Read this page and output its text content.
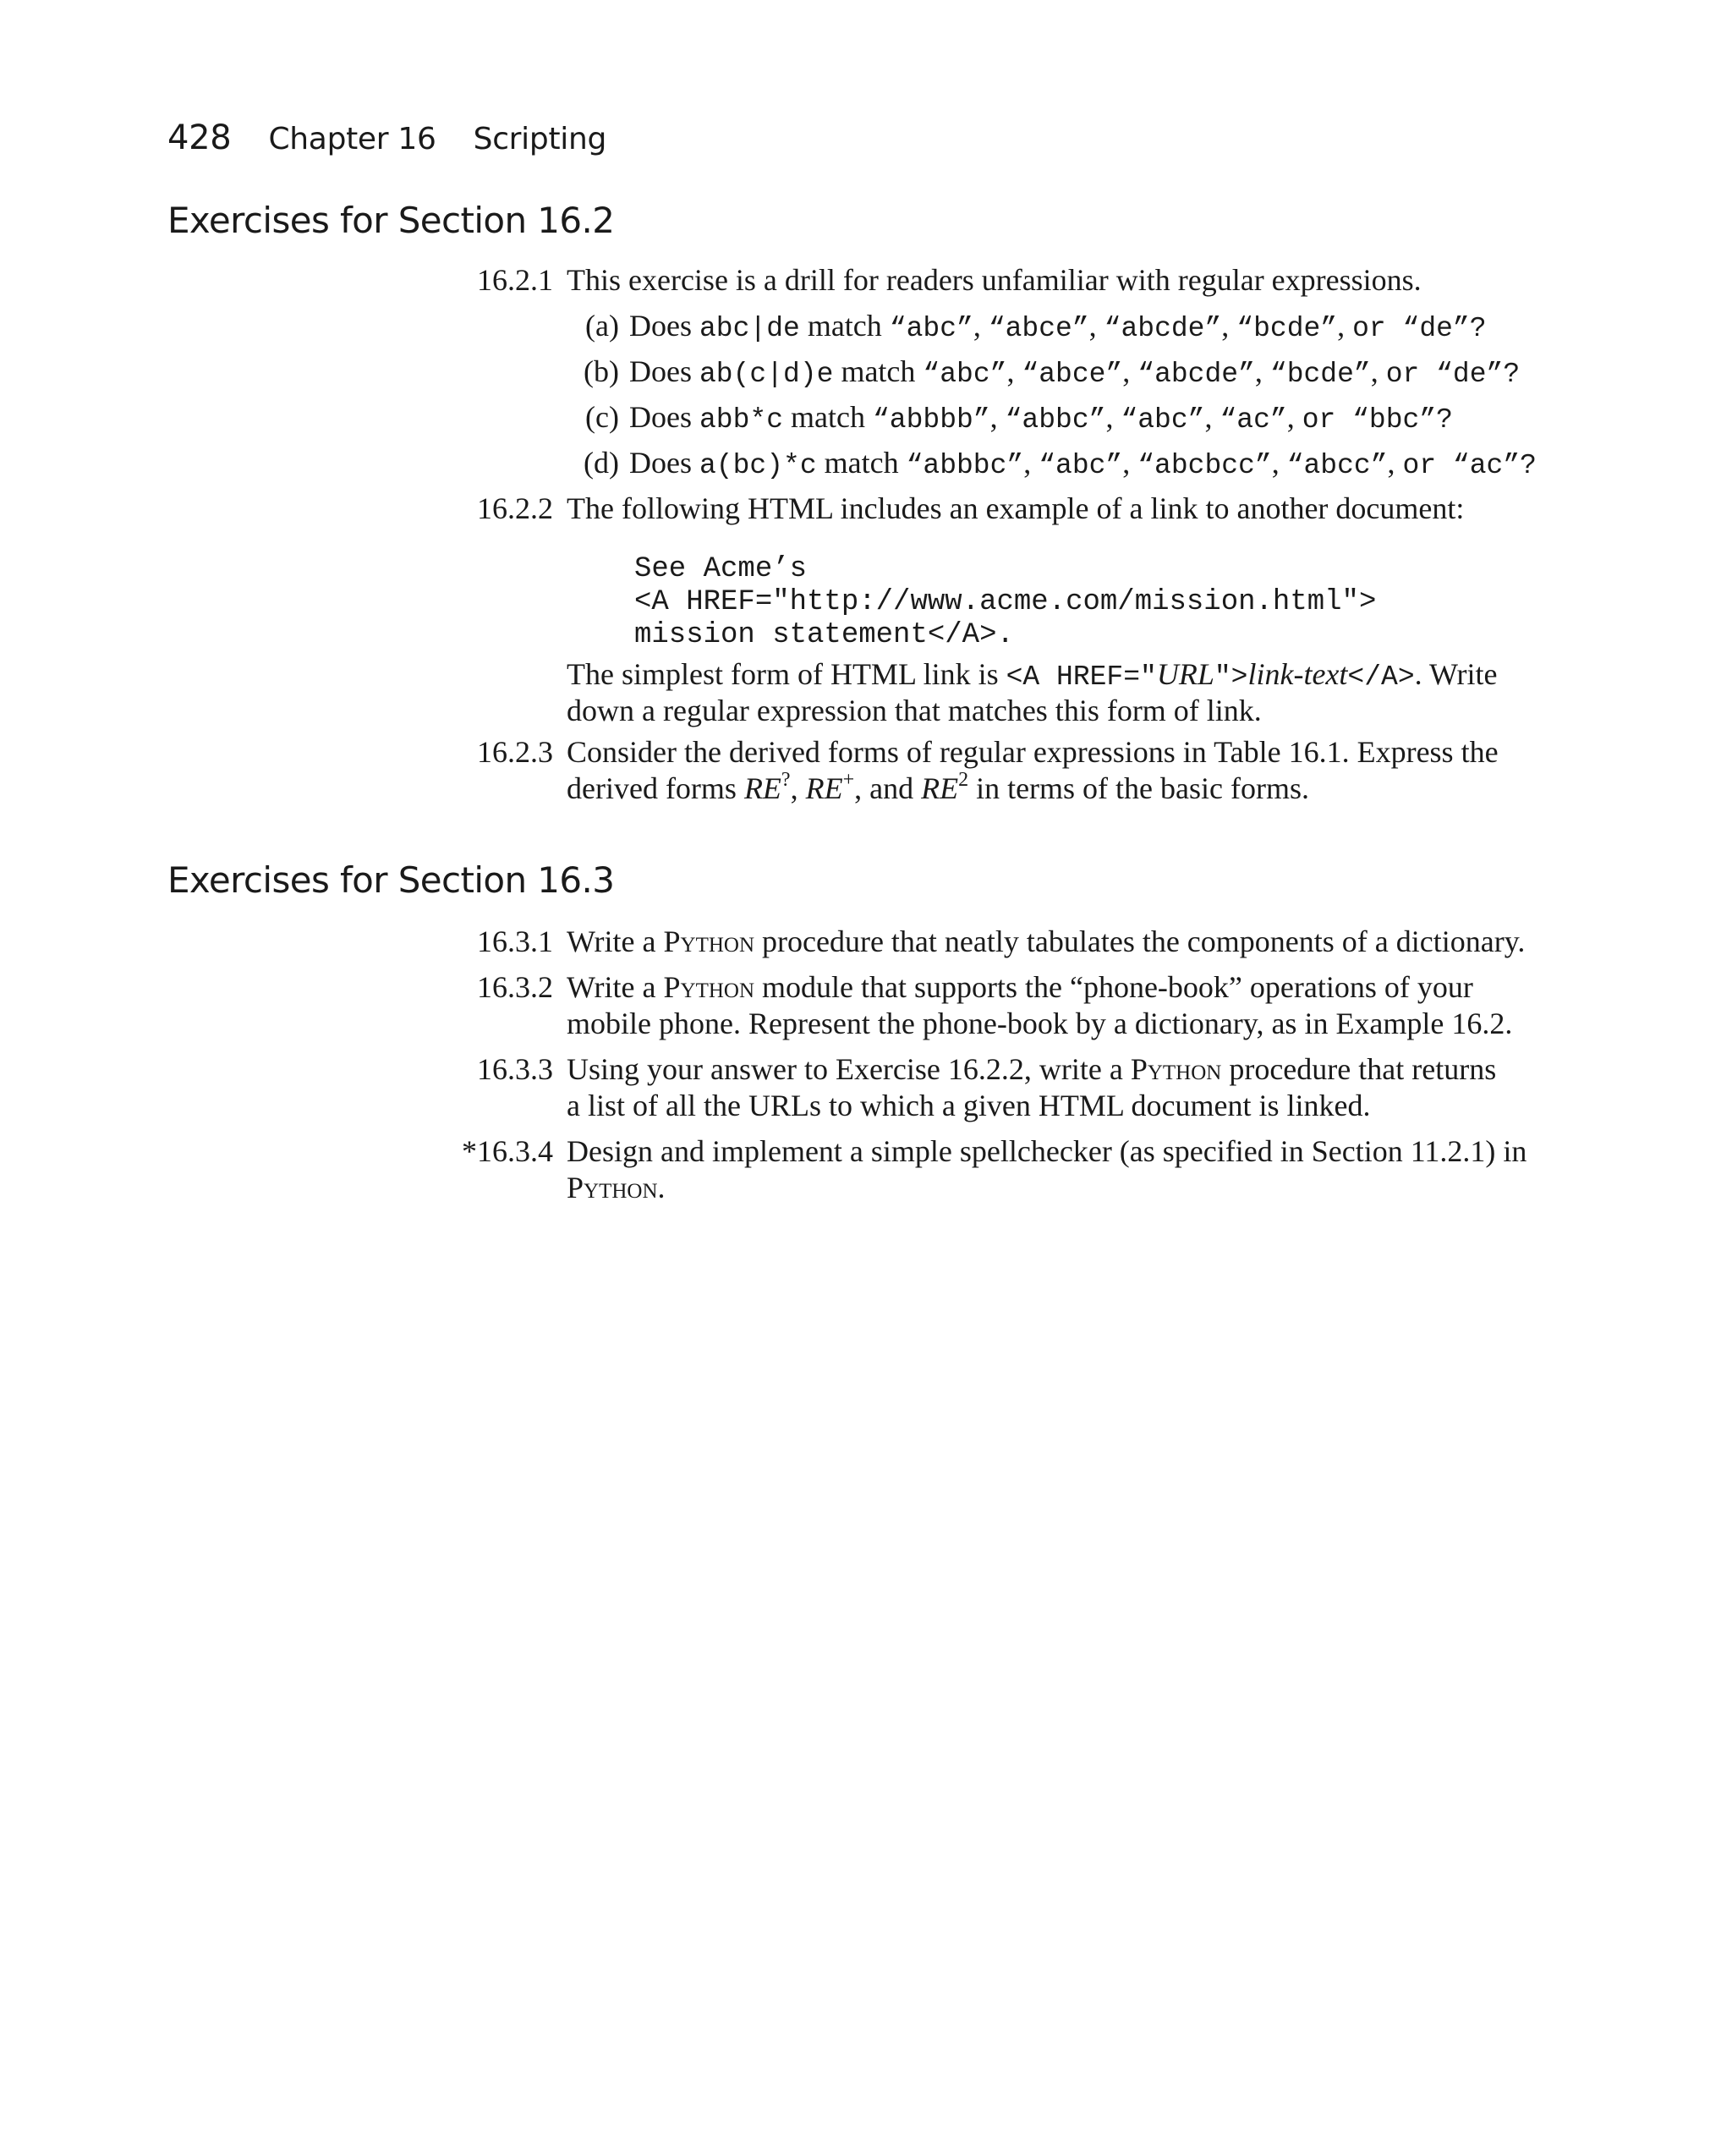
428 Chapter 16 Scripting
Exercises for Section 16.2
16.2.1 This exercise is a drill for readers unfamiliar with regular expressions.
(a) Does abc|de match “abc”, “abce”, “abcde”, “bcde”, or “de”?
(b) Does ab(c|d)e match “abc”, “abce”, “abcde”, “bcde”, or “de”?
(c) Does abb*c match “abbbb”, “abbc”, “abc”, “ac”, or “bbc”?
(d) Does a(bc)*c match “abbbc”, “abc”, “abcbcc”, “abcc”, or “ac”?
16.2.2 The following HTML includes an example of a link to another document:
See Acme’s
<A HREF="http://www.acme.com/mission.html">
mission statement</A>.
The simplest form of HTML link is <A HREF="URL">link-text</A>. Write
down a regular expression that matches this form of link.
16.2.3 Consider the derived forms of regular expressions in Table 16.1. Express the
derived forms RE?, RE+, and $RE^2$ in terms of the basic forms.
Exercises for Section 16.3
16.3.1 Write a Python procedure that neatly tabulates the components of a dictionary.
16.3.2 Write a Python module that supports the “phone-book” operations of your
mobile phone. Represent the phone-book by a dictionary, as in Example 16.2.
16.3.3 Using your answer to Exercise 16.2.2, write a Python procedure that returns
a list of all the URLs to which a given HTML document is linked.
*16.3.4 Design and implement a simple spellchecker (as specified in Section 11.2.1) in
Python.
